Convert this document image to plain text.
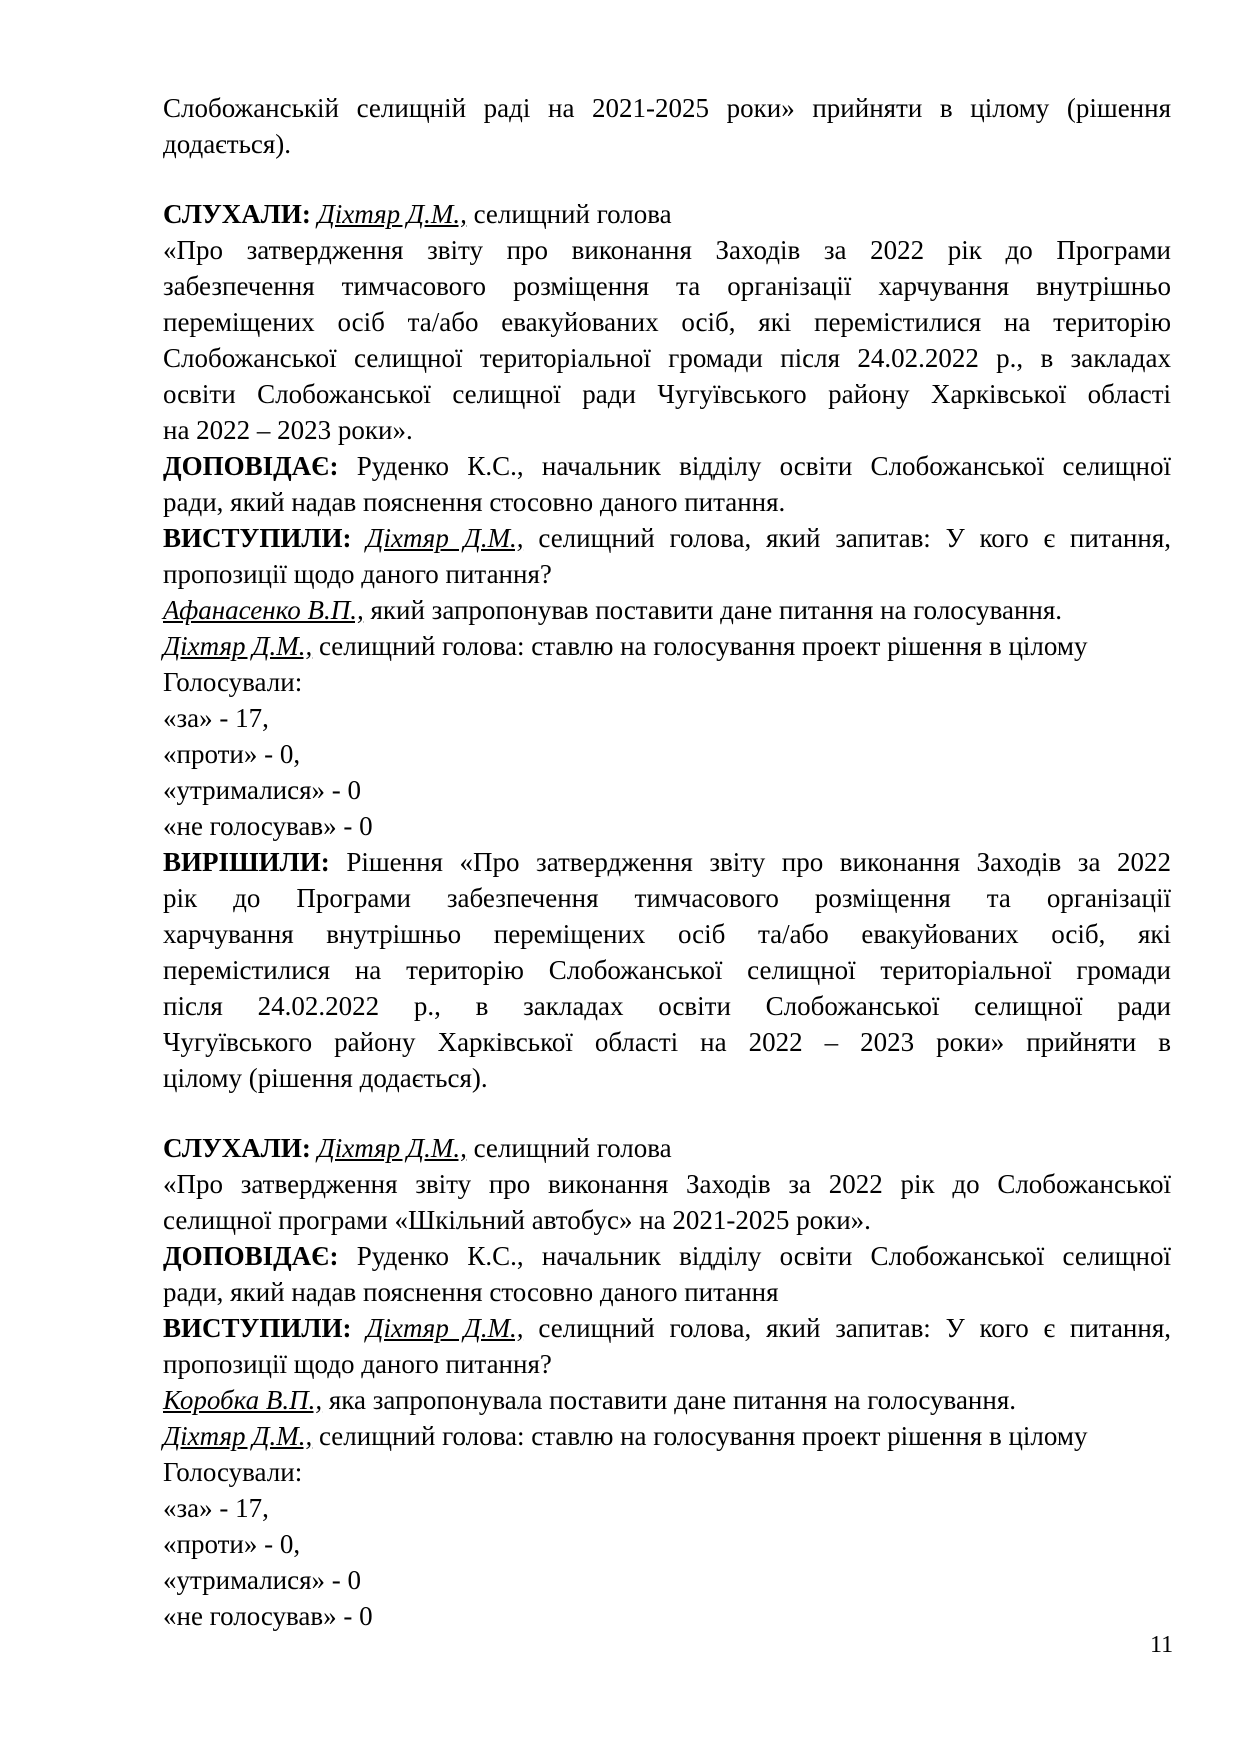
Слобожанській селищній раді на 2021-2025 роки» прийняти в цілому (рішення
додається).
СЛУХАЛИ: Діхтяр Д.М., селищний голова
«Про затвердження звіту про виконання Заходів за 2022 рік до Програми
забезпечення тимчасового розміщення та організації харчування внутрішньо
переміщених осіб та/або евакуйованих осіб, які перемістилися на територію
Слобожанської селищної територіальної громади після 24.02.2022 р., в закладах
освіти Слобожанської селищної ради Чугуївського району Харківської області
на 2022 – 2023 роки».
ДОПОВІДАЄ: Руденко К.С., начальник відділу освіти Слобожанської селищної
ради, який надав пояснення стосовно даного питання.
ВИСТУПИЛИ: Діхтяр Д.М., селищний голова, який запитав: У кого є питання,
пропозиції щодо даного питання?
Афанасенко В.П., який запропонував поставити дане питання на голосування.
Діхтяр Д.М., селищний голова: ставлю на голосування проект рішення в цілому
Голосували:
«за» - 17,
«проти» - 0,
«утрималися» - 0
«не голосував» - 0
ВИРІШИЛИ: Рішення «Про затвердження звіту про виконання Заходів за 2022
рік до Програми забезпечення тимчасового розміщення та організації
харчування внутрішньо переміщених осіб та/або евакуйованих осіб, які
перемістилися на територію Слобожанської селищної територіальної громади
після 24.02.2022 р., в закладах освіти Слобожанської селищної ради
Чугуївського району Харківської області на 2022 – 2023 роки» прийняти в
цілому (рішення додається).
СЛУХАЛИ: Діхтяр Д.М., селищний голова
«Про затвердження звіту про виконання Заходів за 2022 рік до Слобожанської
селищної програми «Шкільний автобус» на 2021-2025 роки».
ДОПОВІДАЄ: Руденко К.С., начальник відділу освіти Слобожанської селищної
ради, який надав пояснення стосовно даного питання
ВИСТУПИЛИ: Діхтяр Д.М., селищний голова, який запитав: У кого є питання,
пропозиції щодо даного питання?
Коробка В.П., яка запропонувала поставити дане питання на голосування.
Діхтяр Д.М., селищний голова: ставлю на голосування проект рішення в цілому
Голосували:
«за» - 17,
«проти» - 0,
«утрималися» - 0
«не голосував» - 0
11
